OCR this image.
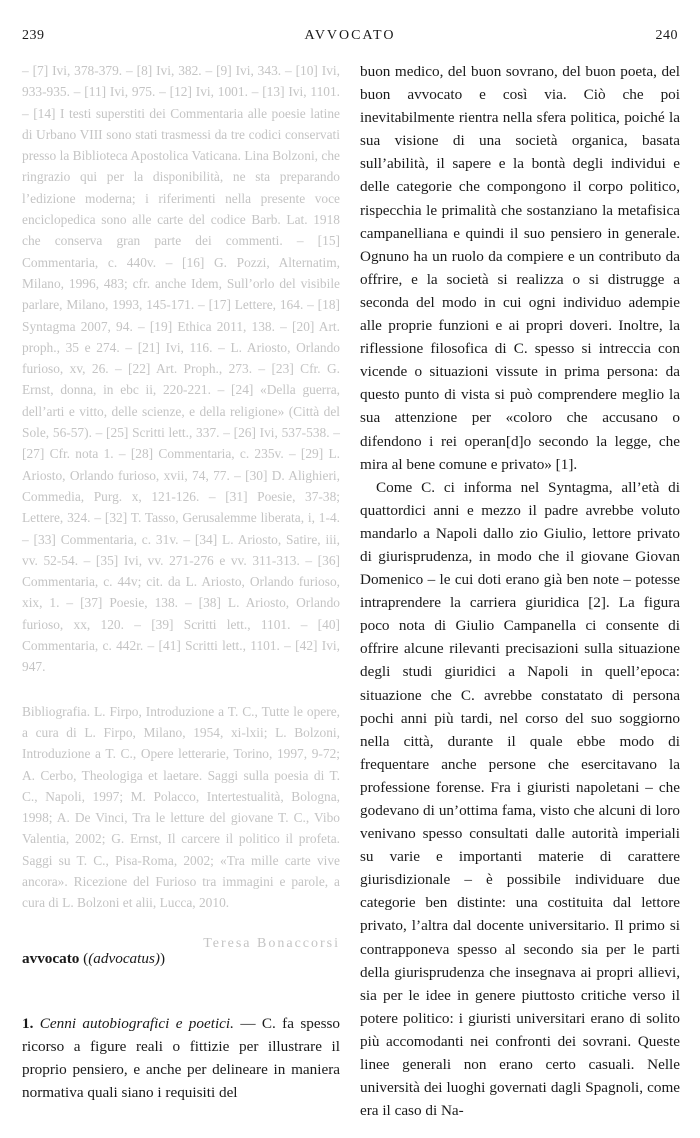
239	AVVOCATO	240

– [7] Ivi, 378-379. – [8] Ivi, 382. – [9] Ivi, 343. – [10] Ivi, 933-935. – [11] Ivi, 975. – [12] Ivi, 1001. – [13] Ivi, 1101. – [14] I testi superstiti dei Commentaria alle poesie latine di Urbano VIII sono stati trasmessi da tre codici conservati presso la Biblioteca Apostolica Vaticana. Lina Bolzoni, che ringrazio qui per la disponibilità, ne sta preparando l’edizione moderna; i riferimenti nella presente voce enciclopedica sono alle carte del codice Barb. Lat. 1918 che conserva gran parte dei commenti. – [15] Commentaria, c. 440v. – [16] G. Pozzi, Alternatim, Milano, 1996, 483; cfr. anche Idem, Sull’orlo del visibile parlare, Milano, 1993, 145-171. – [17] Lettere, 164. – [18] Syntagma 2007, 94. – [19] Ethica 2011, 138. – [20] Art. proph., 35 e 274. – [21] Ivi, 116. – L. Ariosto, Orlando furioso, xv, 26. – [22] Art. Proph., 273. – [23] Cfr. G. Ernst, donna, in ebc ii, 220-221. – [24] «Della guerra, dell’arti e vitto, delle scienze, e della religione» (Città del Sole, 56-57). – [25] Scritti lett., 337. – [26] Ivi, 537-538. – [27] Cfr. nota 1. – [28] Commentaria, c. 235v. – [29] L. Ariosto, Orlando furioso, xvii, 74, 77. – [30] D. Alighieri, Commedia, Purg. x, 121-126. – [31] Poesie, 37-38; Lettere, 324. – [32] T. Tasso, Gerusalemme liberata, i, 1-4. – [33] Commentaria, c. 31v. – [34] L. Ariosto, Satire, iii, vv. 52-54. – [35] Ivi, vv. 271-276 e vv. 311-313. – [36] Commentaria, c. 44v; cit. da L. Ariosto, Orlando furioso, xix, 1. – [37] Poesie, 138. – [38] L. Ariosto, Orlando furioso, xx, 120. – [39] Scritti lett., 1101. – [40] Commentaria, c. 442r. – [41] Scritti lett., 1101. – [42] Ivi, 947.

Bibliografia. L. Firpo, Introduzione a T. C., Tutte le opere, a cura di L. Firpo, Milano, 1954, xi-lxii; L. Bolzoni, Introduzione a T. C., Opere letterarie, Torino, 1997, 9-72; A. Cerbo, Theologiga et laetare. Saggi sulla poesia di T. C., Napoli, 1997; M. Polacco, Intertestualità, Bologna, 1998; A. De Vinci, Tra le letture del giovane T. C., Vibo Valentia, 2002; G. Ernst, Il carcere il politico il profeta. Saggi su T. C., Pisa-Roma, 2002; «Tra mille carte vive ancora». Ricezione del Furioso tra immagini e parole, a cura di L. Bolzoni et alii, Lucca, 2010.

Teresa Bonaccorsi
avvocato ((advocatus))

1. Cenni autobiografici e poetici. — C. fa spesso ricorso a figure reali o fittizie per illustrare il proprio pensiero, e anche per delineare in maniera normativa quali siano i requisiti del

buon medico, del buon sovrano, del buon poeta, del buon avvocato e così via. Ciò che poi inevitabilmente rientra nella sfera politica, poiché la sua visione di una società organica, basata sull’abilità, il sapere e la bontà degli individui e delle categorie che compongono il corpo politico, rispecchia le primalità che sostanziano la metafisica campanelliana e quindi il suo pensiero in generale. Ognuno ha un ruolo da compiere e un contributo da offrire, e la società si realizza o si distrugge a seconda del modo in cui ogni individuo adempie alle proprie funzioni e ai propri doveri. Inoltre, la riflessione filosofica di C. spesso si intreccia con vicende o situazioni vissute in prima persona: da questo punto di vista si può comprendere meglio la sua attenzione per «coloro che accusano o difendono i rei operan[d]o secondo la legge, che mira al bene comune e privato» [1].

Come C. ci informa nel Syntagma, all’età di quattordici anni e mezzo il padre avrebbe voluto mandarlo a Napoli dallo zio Giulio, lettore privato di giurisprudenza, in modo che il giovane Giovan Domenico – le cui doti erano già ben note – potesse intraprendere la carriera giuridica [2]. La figura poco nota di Giulio Campanella ci consente di offrire alcune rilevanti precisazioni sulla situazione degli studi giuridici a Napoli in quell’epoca: situazione che C. avrebbe constatato di persona pochi anni più tardi, nel corso del suo soggiorno nella città, durante il quale ebbe modo di frequentare anche persone che esercitavano la professione forense. Fra i giuristi napoletani – che godevano di un’ottima fama, visto che alcuni di loro venivano spesso consultati dalle autorità imperiali su varie e importanti materie di carattere giurisdizionale – è possibile individuare due categorie ben distinte: una costituita dal lettore privato, l’altra dal docente universitario. Il primo si contrapponeva spesso al secondo sia per le parti della giurisprudenza che insegnava ai propri allievi, sia per le idee in genere piuttosto critiche verso il potere politico: i giuristi universitari erano di solito più accomodanti nei confronti dei sovrani. Queste linee generali non erano certo casuali. Nelle università dei luoghi governati dagli Spagnoli, come era il caso di Na-
